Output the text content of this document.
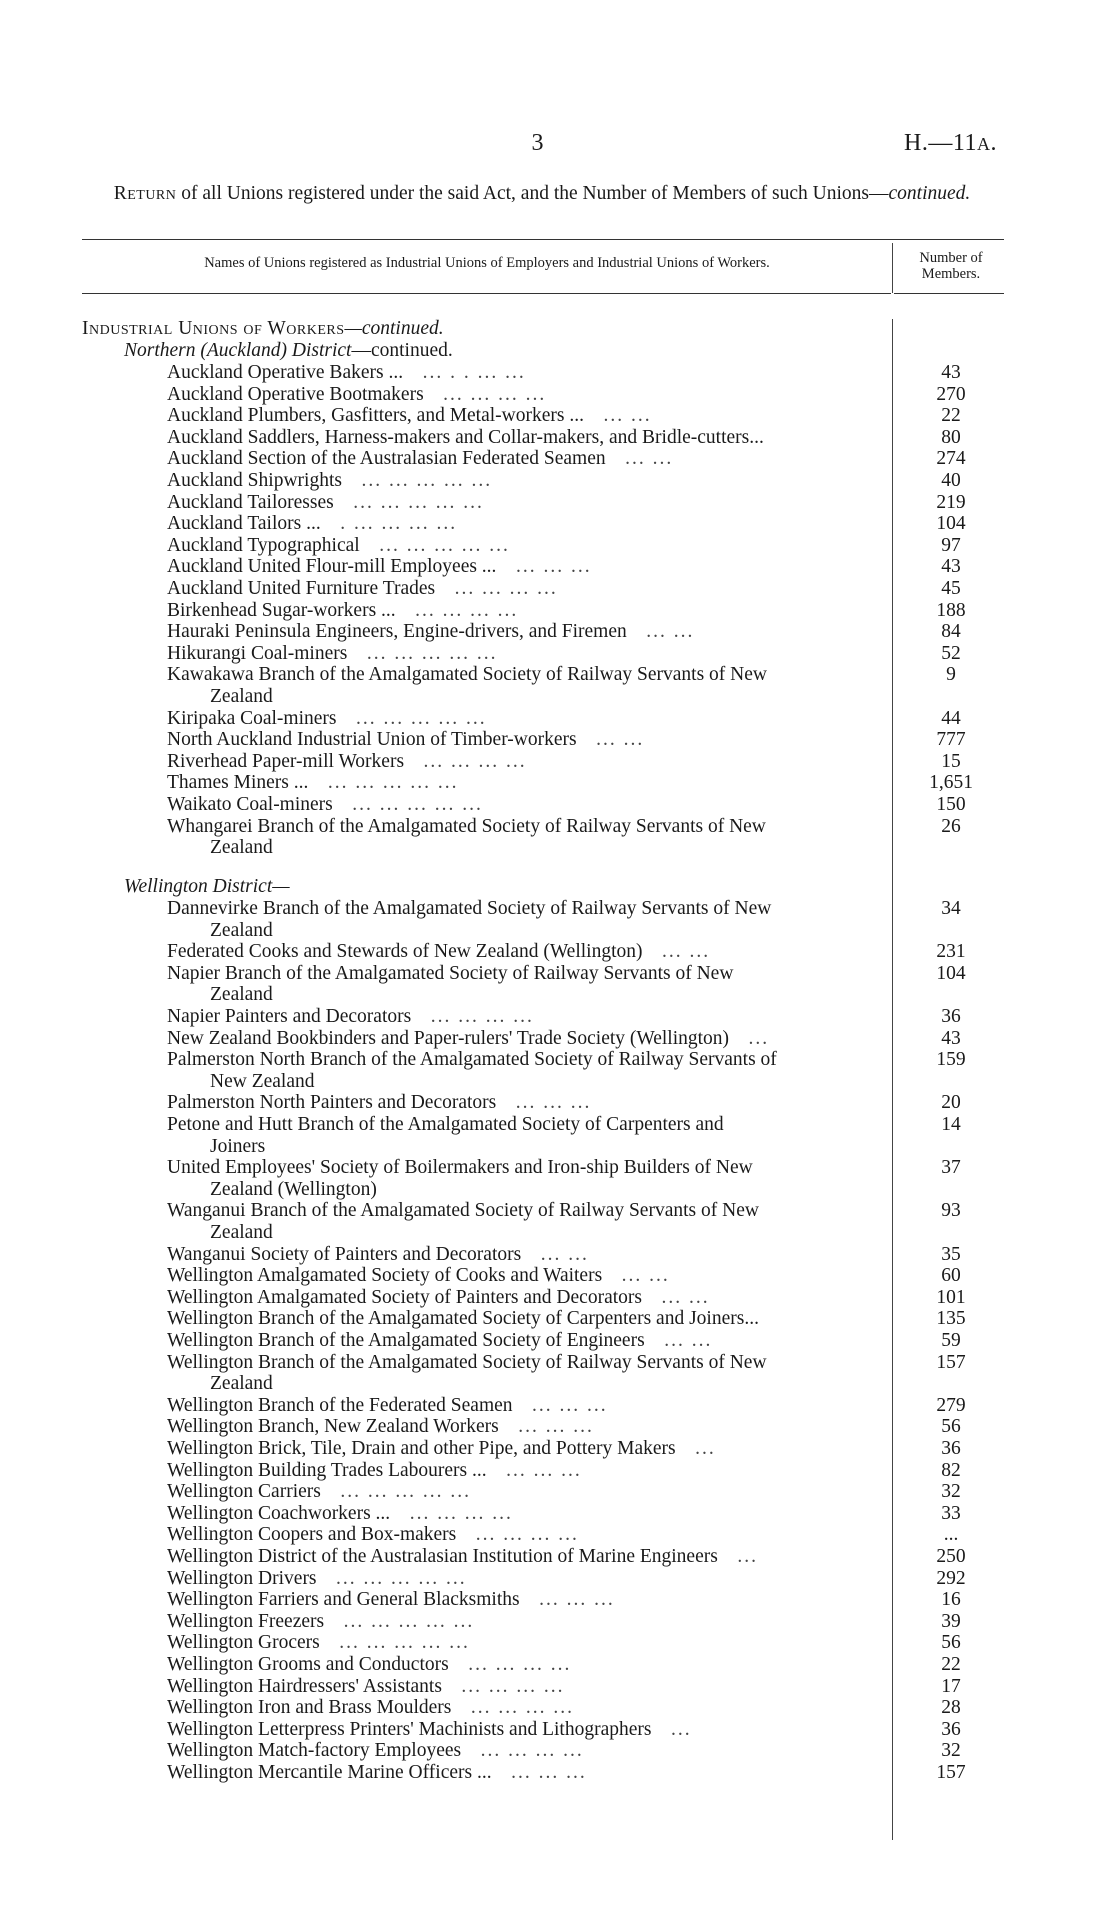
3	H.—11A.
Return of all Unions registered under the said Act, and the Number of Members of such Unions—continued.
Names of Unions registered as Industrial Unions of Employers and Industrial Unions of Workers.	Number of
Members.
Industrial Unions of Workers—continued.
Northern (Auckland) District—continued.
Wellington District—
Auckland Operative Bakers ...  ... . . ... ...	43
Auckland Operative Bootmakers  ... ... ... ...	270
Auckland Plumbers, Gasfitters, and Metal-workers ...  ... ...	22
Auckland Saddlers, Harness-makers and Collar-makers, and Bridle-cutters...	80
Auckland Section of the Australasian Federated Seamen  ... ...	274
Auckland Shipwrights  ... ... ... ... ...	40
Auckland Tailoresses  ... ... ... ... ...	219
Auckland Tailors ...  . ... ... ... ...	104
Auckland Typographical  ... ... ... ... ...	97
Auckland United Flour-mill Employees ...  ... ... ...	43
Auckland United Furniture Trades  ... ... ... ...	45
Birkenhead Sugar-workers ...  ... ... ... ...	188
Hauraki Peninsula Engineers, Engine-drivers, and Firemen  ... ...	84
Hikurangi Coal-miners  ... ... ... ... ...	52
Kawakawa Branch of the Amalgamated Society of Railway Servants of New	9
Zealand
Kiripaka Coal-miners  ... ... ... ... ...	44
North Auckland Industrial Union of Timber-workers  ... ...	777
Riverhead Paper-mill Workers  ... ... ... ...	15
Thames Miners ...  ... ... ... ... ...	1,651
Waikato Coal-miners  ... ... ... ... ...	150
Whangarei Branch of the Amalgamated Society of Railway Servants of New	26
Zealand
Dannevirke Branch of the Amalgamated Society of Railway Servants of New	34
Zealand
Federated Cooks and Stewards of New Zealand (Wellington)  ... ...	231
Napier Branch of the Amalgamated Society of Railway Servants of New	104
Zealand
Napier Painters and Decorators  ... ... ... ...	36
New Zealand Bookbinders and Paper-rulers' Trade Society (Wellington)  ...	43
Palmerston North Branch of the Amalgamated Society of Railway Servants of	159
New Zealand
Palmerston North Painters and Decorators  ... ... ...	20
Petone and Hutt Branch of the Amalgamated Society of Carpenters and	14
Joiners
United Employees' Society of Boilermakers and Iron-ship Builders of New	37
Zealand (Wellington)
Wanganui Branch of the Amalgamated Society of Railway Servants of New	93
Zealand
Wanganui Society of Painters and Decorators  ... ...	35
Wellington Amalgamated Society of Cooks and Waiters  ... ...	60
Wellington Amalgamated Society of Painters and Decorators  ... ...	101
Wellington Branch of the Amalgamated Society of Carpenters and Joiners...	135
Wellington Branch of the Amalgamated Society of Engineers  ... ...	59
Wellington Branch of the Amalgamated Society of Railway Servants of New	157
Zealand
Wellington Branch of the Federated Seamen  ... ... ...	279
Wellington Branch, New Zealand Workers  ... ... ...	56
Wellington Brick, Tile, Drain and other Pipe, and Pottery Makers  ...	36
Wellington Building Trades Labourers ...  ... ... ...	82
Wellington Carriers  ... ... ... ... ...	32
Wellington Coachworkers ...  ... ... ... ...	33
Wellington Coopers and Box-makers  ... ... ... ...	...
Wellington District of the Australasian Institution of Marine Engineers  ...	250
Wellington Drivers  ... ... ... ... ...	292
Wellington Farriers and General Blacksmiths  ... ... ...	16
Wellington Freezers  ... ... ... ... ...	39
Wellington Grocers  ... ... ... ... ...	56
Wellington Grooms and Conductors  ... ... ... ...	22
Wellington Hairdressers' Assistants  ... ... ... ...	17
Wellington Iron and Brass Moulders  ... ... ... ...	28
Wellington Letterpress Printers' Machinists and Lithographers  ...	36
Wellington Match-factory Employees  ... ... ... ...	32
Wellington Mercantile Marine Officers ...  ... ... ...	157
